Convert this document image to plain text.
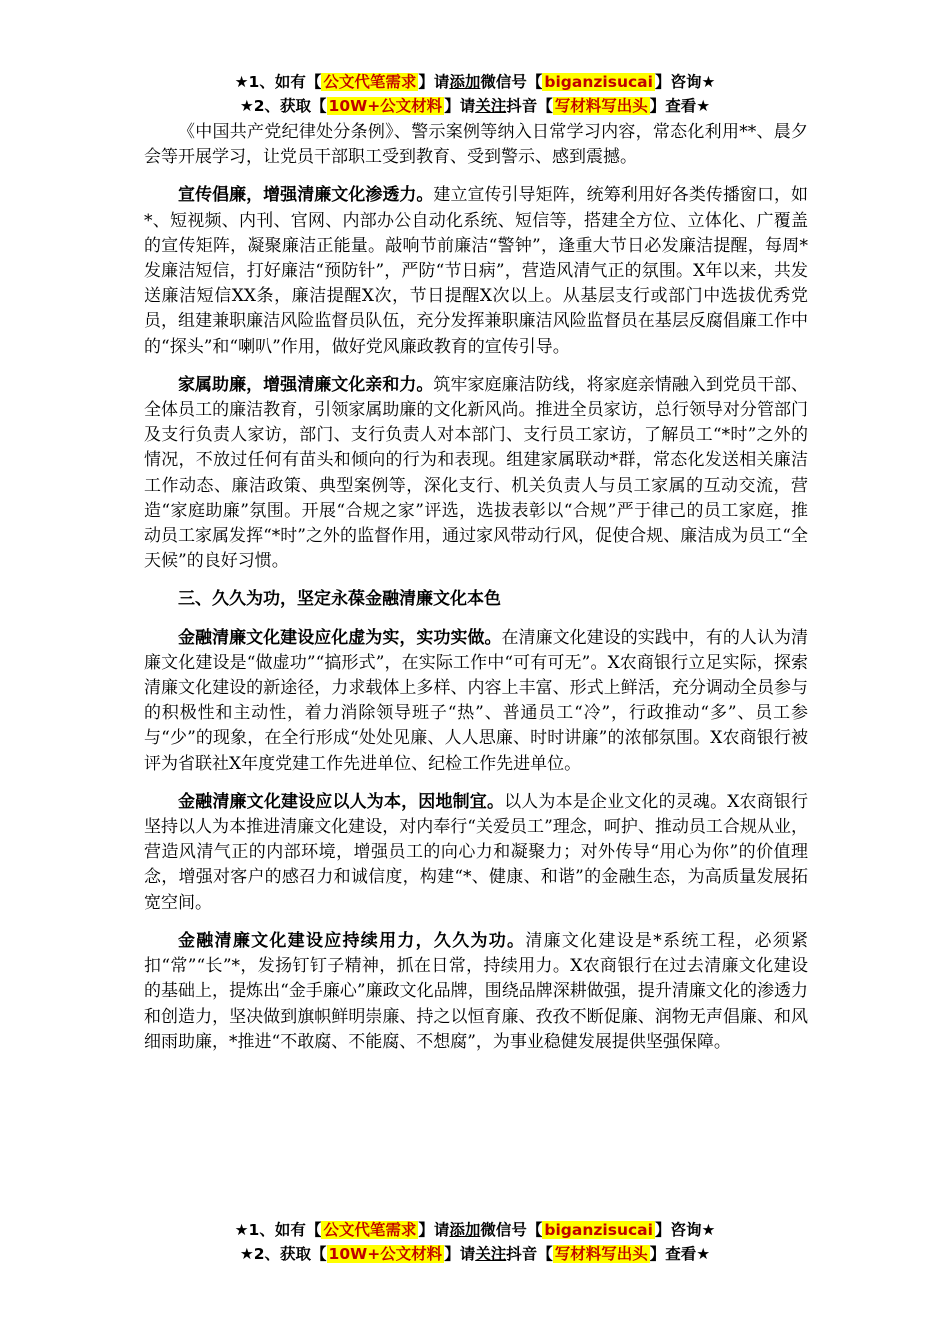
★1、如有【 公文代笔需求 】请添加微信号【 biganzisucai 】咨询★
★2、获取【 10W+公文材料 】请关注抖音【 写材料写出头 】查看★

《中国共产党纪律处分条例》、警示案例等纳入日常学习内容，常态化利用**、晨夕会等开展学习，让党员干部职工受到教育、受到警示、感到震撼。

宣传倡廉，增强清廉文化渗透力。建立宣传引导矩阵，统筹利用好各类传播窗口，如*、短视频、内刊、官网、内部办公自动化系统、短信等，搭建全方位、立体化、广覆盖的宣传矩阵，凝聚廉洁正能量。敲响节前廉洁“警钟”，逢重大节日必发廉洁提醒，每周*发廉洁短信，打好廉洁“预防针”，严防“节日病”，营造风清气正的氛围。X年以来，共发送廉洁短信XX条，廉洁提醒X次，节日提醒X次以上。从基层支行或部门中选拔优秀党员，组建兼职廉洁风险监督员队伍，充分发挥兼职廉洁风险监督员在基层反腐倡廉工作中的“探头”和“喇叭”作用，做好党风廉政教育的宣传引导。

家属助廉，增强清廉文化亲和力。筑牢家庭廉洁防线，将家庭亲情融入到党员干部、全体员工的廉洁教育，引领家属助廉的文化新风尚。推进全员家访，总行领导对分管部门及支行负责人家访，部门、支行负责人对本部门、支行员工家访，了解员工“*时”之外的情况，不放过任何有苗头和倾向的行为和表现。组建家属联动*群，常态化发送相关廉洁工作动态、廉洁政策、典型案例等，深化支行、机关负责人与员工家属的互动交流，营造“家庭助廉”氛围。开展“合规之家”评选，选拔表彰以“合规”严于律己的员工家庭，推动员工家属发挥“*时”之外的监督作用，通过家风带动行风，促使合规、廉洁成为员工“全天候”的良好习惯。

三、久久为功，坚定永葆金融清廉文化本色

金融清廉文化建设应化虚为实，实功实做。在清廉文化建设的实践中，有的人认为清廉文化建设是“做虚功”“搞形式”，在实际工作中“可有可无”。X农商银行立足实际，探索清廉文化建设的新途径，力求载体上多样、内容上丰富、形式上鲜活，充分调动全员参与的积极性和主动性，着力消除领导班子“热”、普通员工“冷”，行政推动“多”、员工参与“少”的现象，在全行形成“处处见廉、人人思廉、时时讲廉”的浓郁氛围。X农商银行被评为省联社X年度党建工作先进单位、纪检工作先进单位。

金融清廉文化建设应以人为本，因地制宜。以人为本是企业文化的灵魂。X农商银行坚持以人为本推进清廉文化建设，对内奉行“关爱员工”理念，呵护、推动员工合规从业，营造风清气正的内部环境，增强员工的向心力和凝聚力；对外传导“用心为你”的价值理念，增强对客户的感召力和诚信度，构建“*、健康、和谐”的金融生态，为高质量发展拓宽空间。

金融清廉文化建设应持续用力，久久为功。清廉文化建设是*系统工程，必须紧扣“常”“长”*，发扬钉钉子精神，抓在日常，持续用力。X农商银行在过去清廉文化建设的基础上，提炼出“金手廉心”廉政文化品牌，围绕品牌深耕做强，提升清廉文化的渗透力和创造力，坚决做到旗帜鲜明崇廉、持之以恒育廉、孜孜不断促廉、润物无声倡廉、和风细雨助廉，*推进“不敢腐、不能腐、不想腐”，为事业稳健发展提供坚强保障。

★1、如有【 公文代笔需求 】请添加微信号【 biganzisucai 】咨询★
★2、获取【 10W+公文材料 】请关注抖音【 写材料写出头 】查看★
